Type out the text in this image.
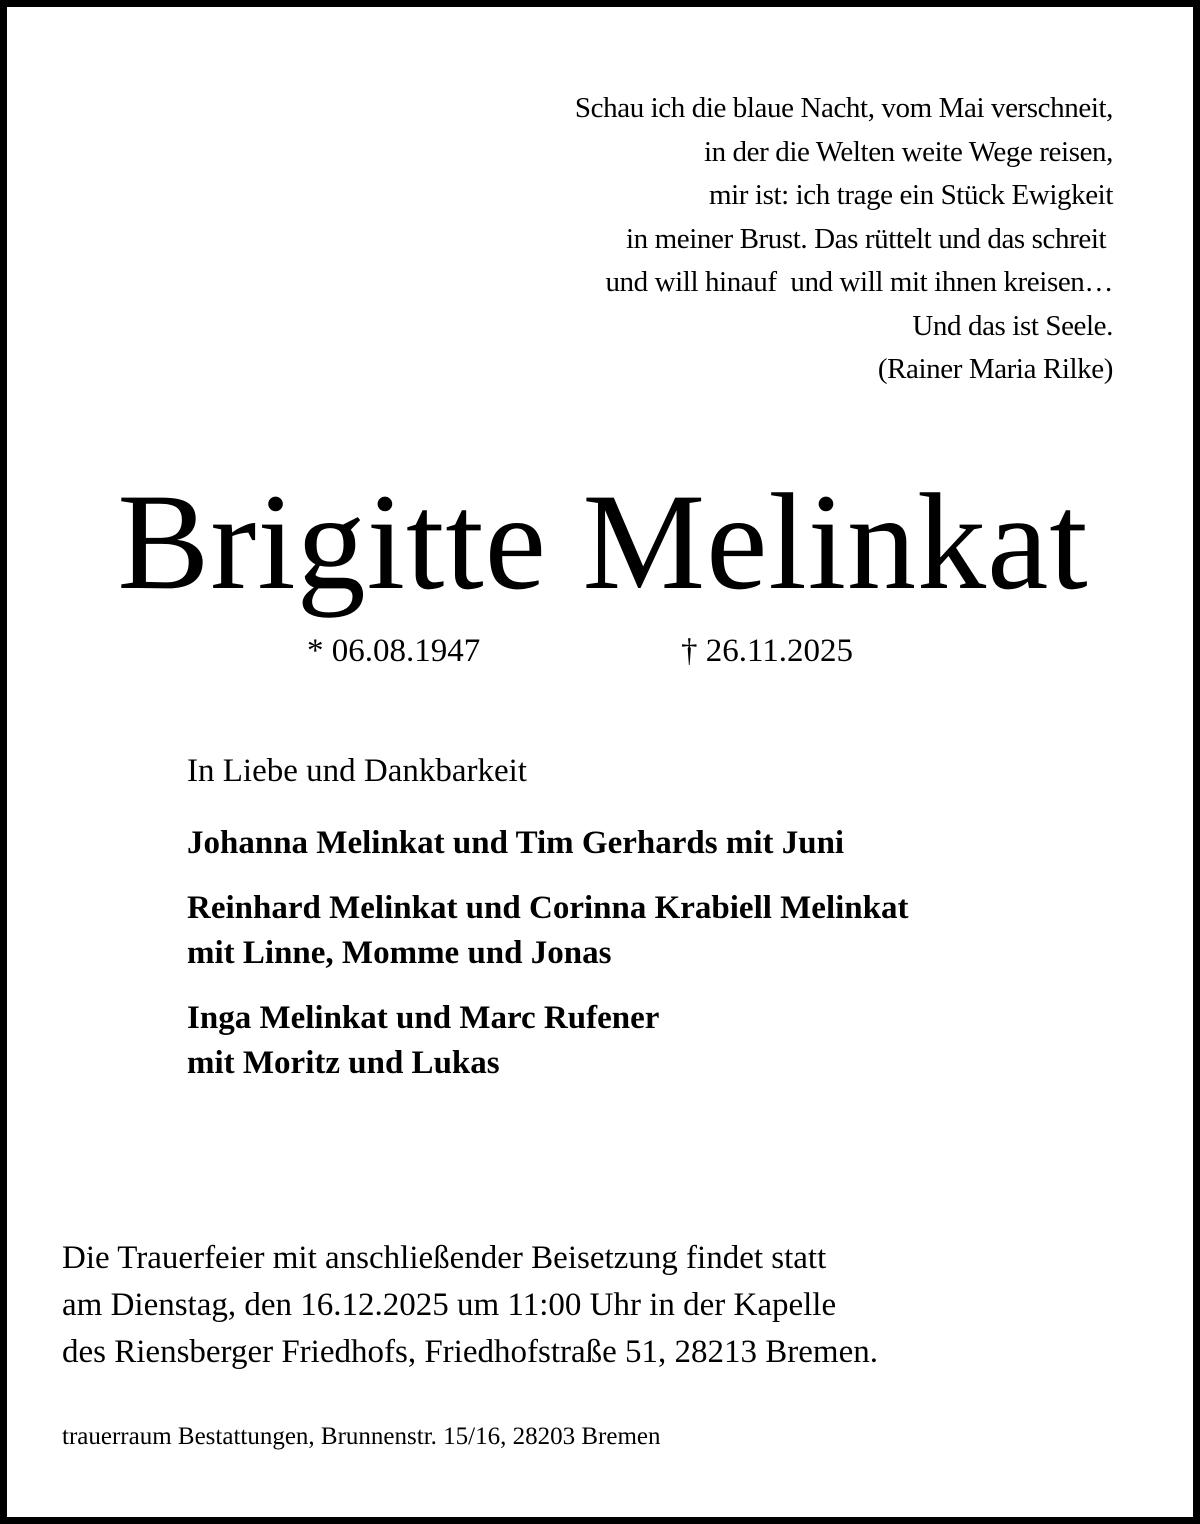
Schau ich die blaue Nacht, vom Mai verschneit,
in der die Welten weite Wege reisen,
mir ist: ich trage ein Stück Ewigkeit
in meiner Brust. Das rüttelt und das schreit
und will hinauf  und will mit ihnen kreisen…
Und das ist Seele.
(Rainer Maria Rilke)
Brigitte Melinkat
* 06.08.1947	† 26.11.2025
In Liebe und Dankbarkeit
Johanna Melinkat und Tim Gerhards mit Juni
Reinhard Melinkat und Corinna Krabiell Melinkat
mit Linne, Momme und Jonas
Inga Melinkat und Marc Rufener
mit Moritz und Lukas
Die Trauerfeier mit anschließender Beisetzung findet statt
am Dienstag, den 16.12.2025 um 11:00 Uhr in der Kapelle
des Riensberger Friedhofs, Friedhofstraße 51, 28213 Bremen.
trauerraum Bestattungen, Brunnenstr. 15/16, 28203 Bremen
